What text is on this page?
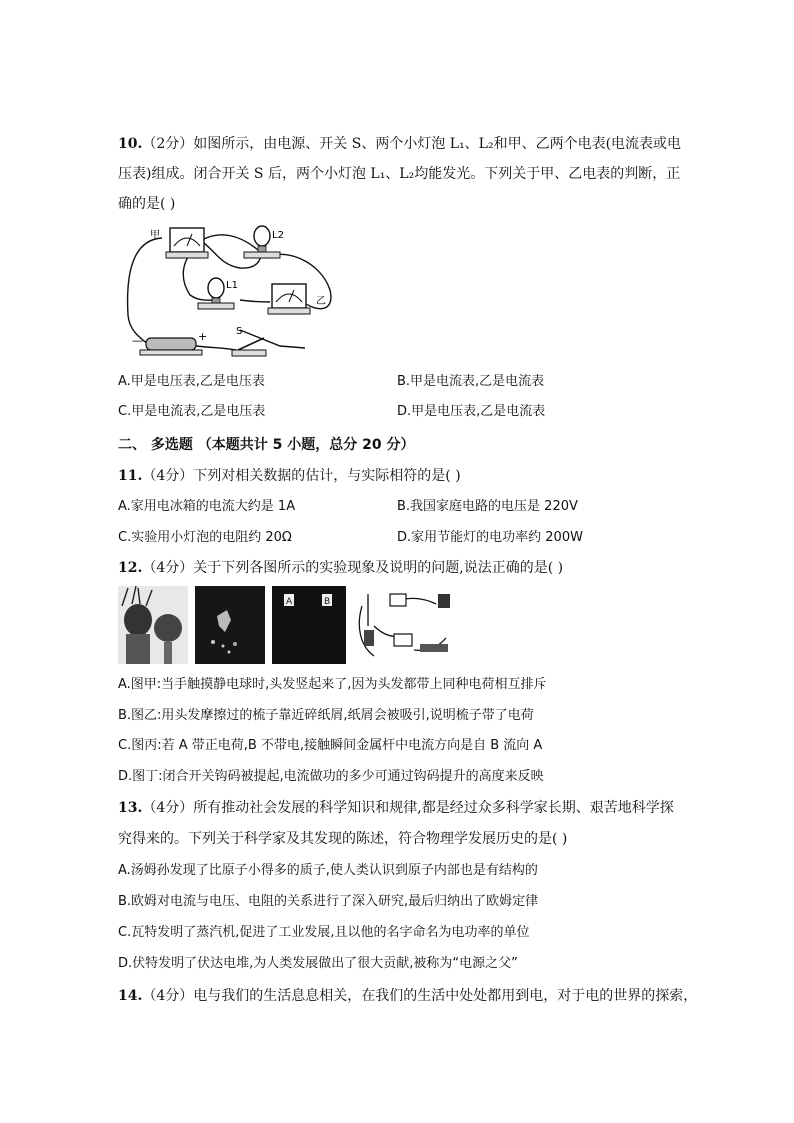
10.（2分）如图所示，由电源、开关 S、两个小灯泡 L₁、L₂和甲、乙两个电表(电流表或电
压表)组成。闭合开关 S 后，两个小灯泡 L₁、L₂均能发光。下列关于甲、乙电表的判断，正
确的是( )
甲	L2
L1
乙
—	+	S
A.甲是电压表,乙是电压表	B.甲是电流表,乙是电流表
C.甲是电流表,乙是电压表	D.甲是电压表,乙是电流表
二、 多选题 （本题共计 5 小题，总分 20 分）
11.（4分）下列对相关数据的估计，与实际相符的是( )
A.家用电冰箱的电流大约是 1A	B.我国家庭电路的电压是 220V
C.实验用小灯泡的电阻约 20Ω	D.家用节能灯的电功率约 200W
12.（4分）关于下列各图所示的实验现象及说明的问题,说法正确的是( )
A	B
A.图甲:当手触摸静电球时,头发竖起来了,因为头发都带上同种电荷相互排斥
B.图乙:用头发摩擦过的梳子靠近碎纸屑,纸屑会被吸引,说明梳子带了电荷
C.图丙:若 A 带正电荷,B 不带电,接触瞬间金属杆中电流方向是自 B 流向 A
D.图丁:闭合开关钩码被提起,电流做功的多少可通过钩码提升的高度来反映
13.（4分）所有推动社会发展的科学知识和规律,都是经过众多科学家长期、艰苦地科学探
究得来的。下列关于科学家及其发现的陈述，符合物理学发展历史的是( )
A.汤姆孙发现了比原子小得多的质子,使人类认识到原子内部也是有结构的
B.欧姆对电流与电压、电阻的关系进行了深入研究,最后归纳出了欧姆定律
C.瓦特发明了蒸汽机,促进了工业发展,且以他的名字命名为电功率的单位
D.伏特发明了伏达电堆,为人类发展做出了很大贡献,被称为“电源之父”
14.（4分）电与我们的生活息息相关，在我们的生活中处处都用到电，对于电的世界的探索，
